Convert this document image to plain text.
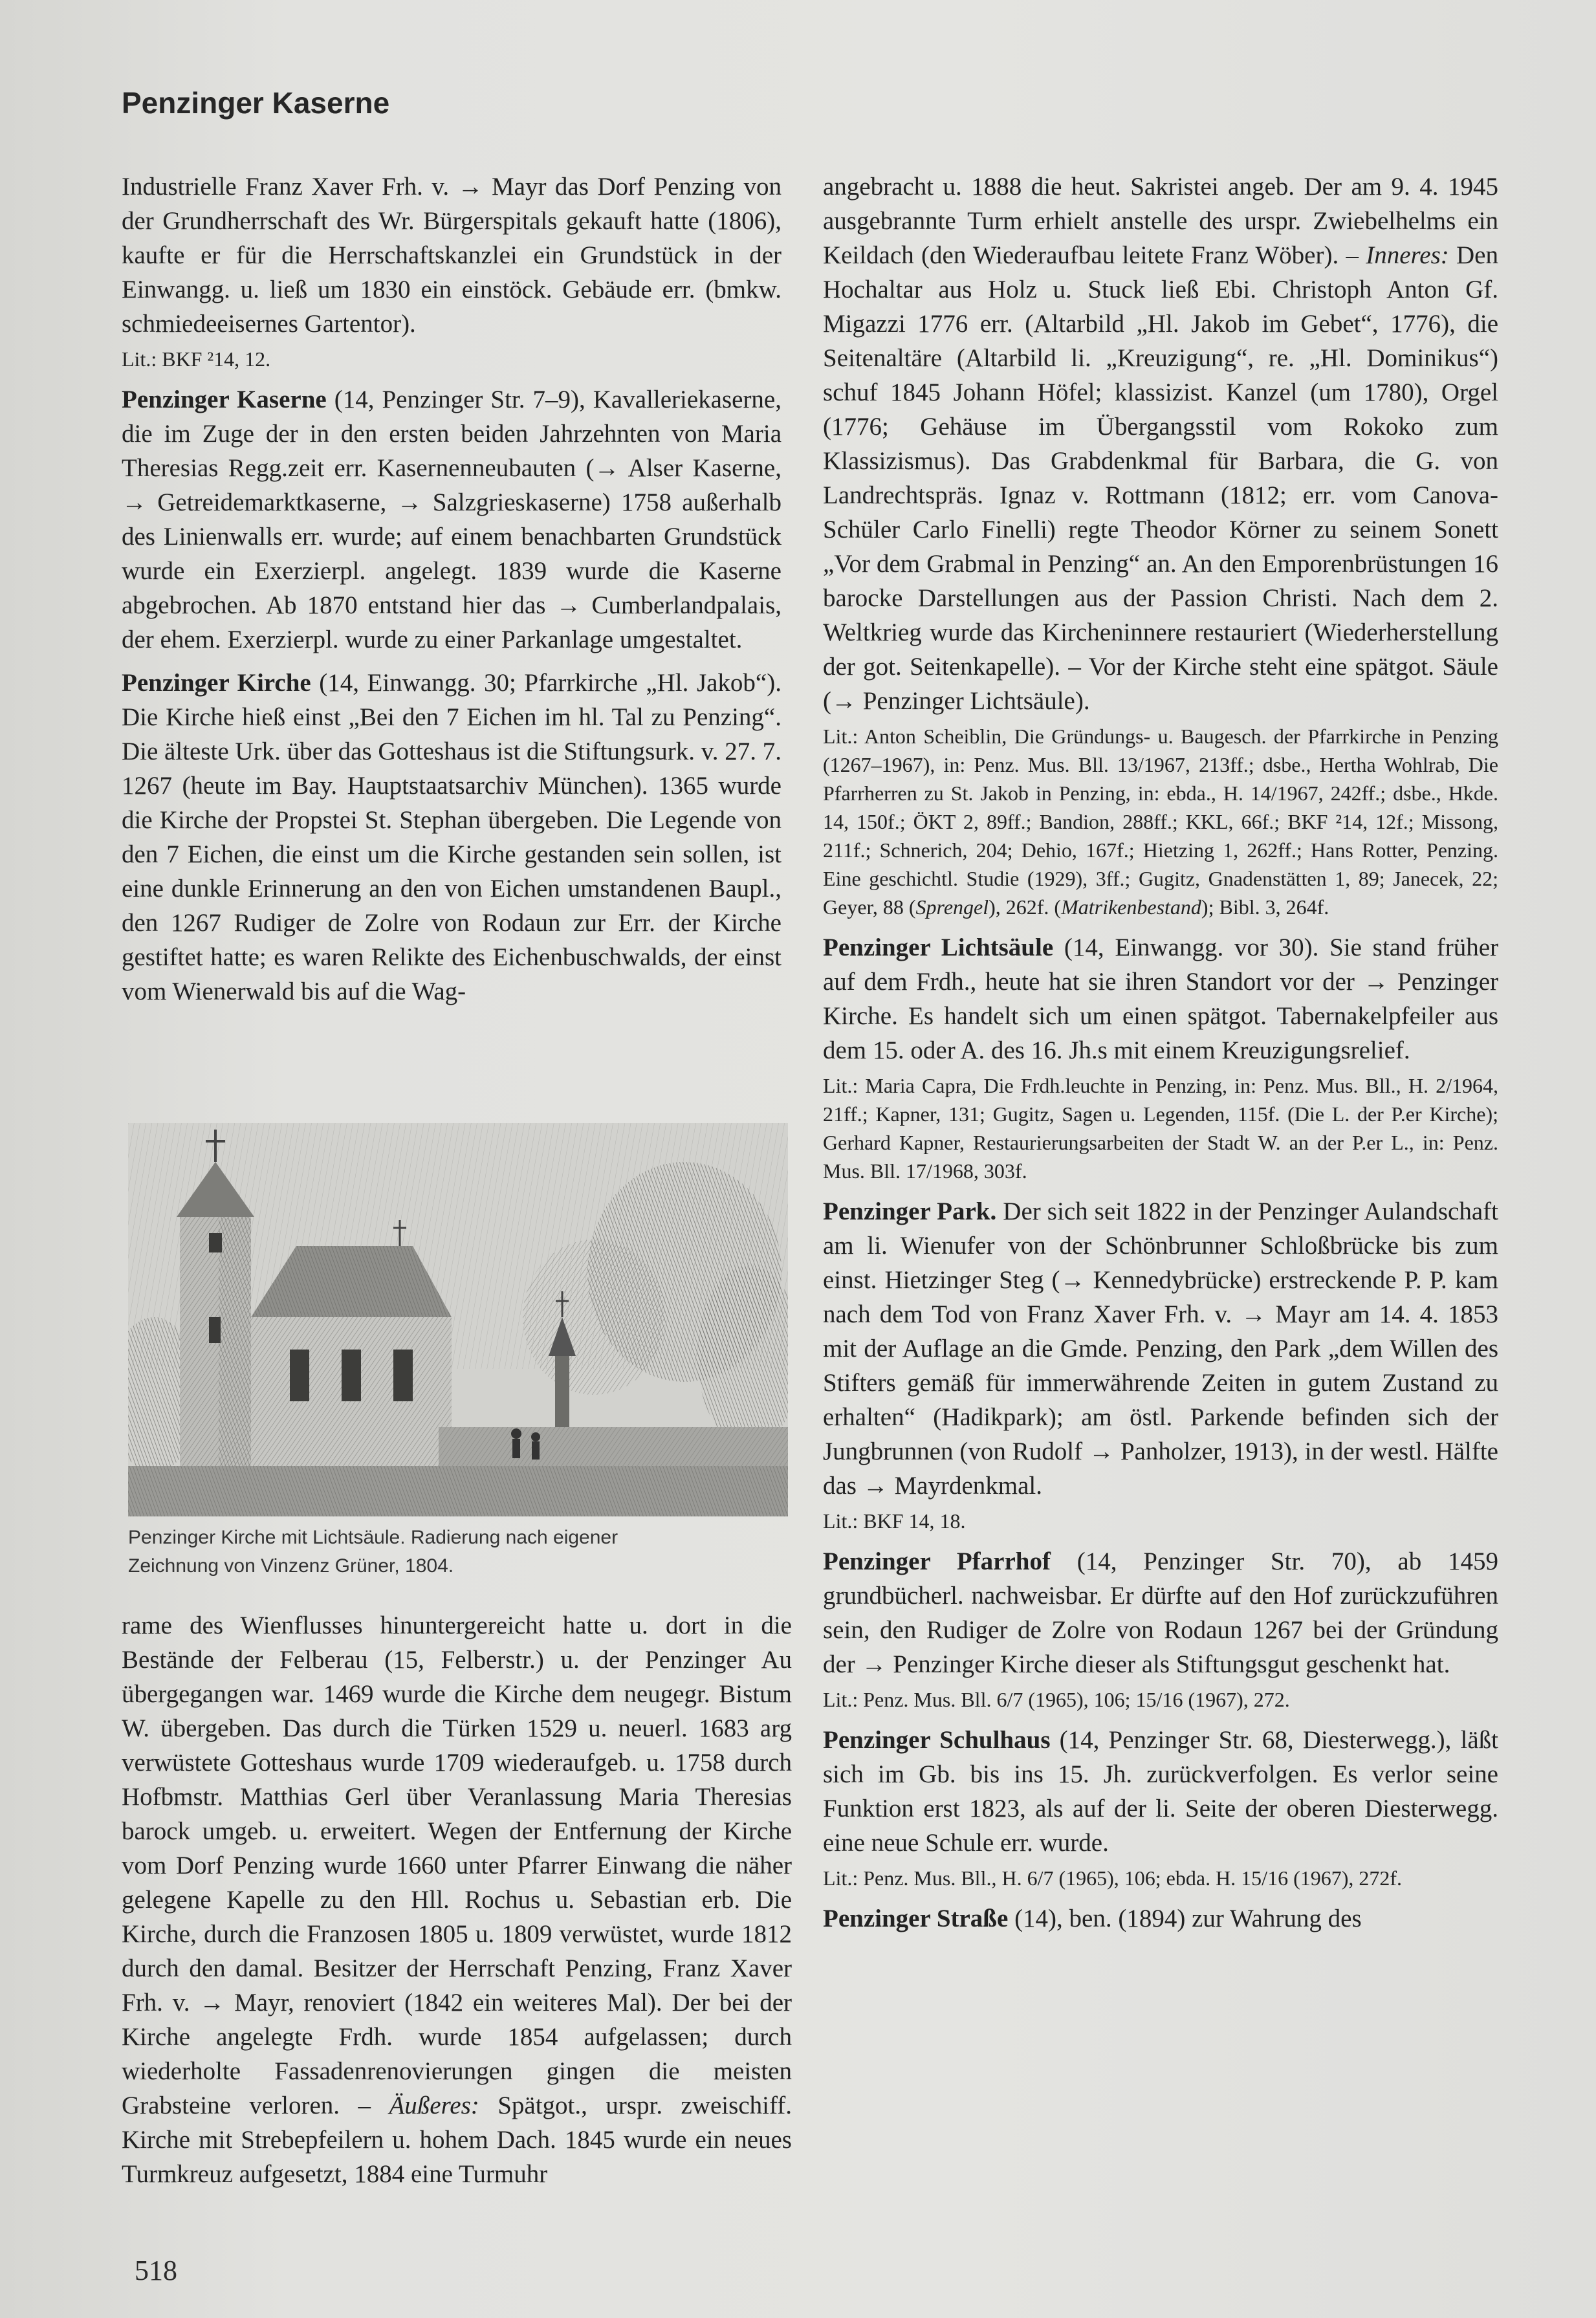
Penzinger Kaserne

Industrielle Franz Xaver Frh. v. → Mayr das Dorf Penzing von der Grundherrschaft des Wr. Bürgerspitals gekauft hatte (1806), kaufte er für die Herrschaftskanzlei ein Grundstück in der Einwangg. u. ließ um 1830 ein einstöck. Gebäude err. (bmkw. schmiedeeisernes Gartentor).

Lit.: BKF ²14, 12.

Penzinger Kaserne (14, Penzinger Str. 7–9), Kavalleriekaserne, die im Zuge der in den ersten beiden Jahrzehnten von Maria Theresias Regg.zeit err. Kasernenneubauten (→ Alser Kaserne, → Getreidemarktkaserne, → Salzgrieskaserne) 1758 außerhalb des Linienwalls err. wurde; auf einem benachbarten Grundstück wurde ein Exerzierpl. angelegt. 1839 wurde die Kaserne abgebrochen. Ab 1870 entstand hier das → Cumberlandpalais, der ehem. Exerzierpl. wurde zu einer Parkanlage umgestaltet.

Penzinger Kirche (14, Einwangg. 30; Pfarrkirche „Hl. Jakob“). Die Kirche hieß einst „Bei den 7 Eichen im hl. Tal zu Penzing“. Die älteste Urk. über das Gotteshaus ist die Stiftungsurk. v. 27. 7. 1267 (heute im Bay. Hauptstaatsarchiv München). 1365 wurde die Kirche der Propstei St. Stephan übergeben. Die Legende von den 7 Eichen, die einst um die Kirche gestanden sein sollen, ist eine dunkle Erinnerung an den von Eichen umstandenen Baupl., den 1267 Rudiger de Zolre von Rodaun zur Err. der Kirche gestiftet hatte; es waren Relikte des Eichenbuschwalds, der einst vom Wienerwald bis auf die Wag-

Penzinger Kirche mit Lichtsäule. Radierung nach eigener
Zeichnung von Vinzenz Grüner, 1804.

rame des Wienflusses hinuntergereicht hatte u. dort in die Bestände der Felberau (15, Felberstr.) u. der Penzinger Au übergegangen war. 1469 wurde die Kirche dem neugegr. Bistum W. übergeben. Das durch die Türken 1529 u. neuerl. 1683 arg verwüstete Gotteshaus wurde 1709 wiederaufgeb. u. 1758 durch Hofbmstr. Matthias Gerl über Veranlassung Maria Theresias barock umgeb. u. erweitert. Wegen der Entfernung der Kirche vom Dorf Penzing wurde 1660 unter Pfarrer Einwang die näher gelegene Kapelle zu den Hll. Rochus u. Sebastian erb. Die Kirche, durch die Franzosen 1805 u. 1809 verwüstet, wurde 1812 durch den damal. Besitzer der Herrschaft Penzing, Franz Xaver Frh. v. → Mayr, renoviert (1842 ein weiteres Mal). Der bei der Kirche angelegte Frdh. wurde 1854 aufgelassen; durch wiederholte Fassadenrenovierungen gingen die meisten Grabsteine verloren. – Äußeres: Spätgot., urspr. zweischiff. Kirche mit Strebepfeilern u. hohem Dach. 1845 wurde ein neues Turmkreuz aufgesetzt, 1884 eine Turmuhr

angebracht u. 1888 die heut. Sakristei angeb. Der am 9. 4. 1945 ausgebrannte Turm erhielt anstelle des urspr. Zwiebelhelms ein Keildach (den Wiederaufbau leitete Franz Wöber). – Inneres: Den Hochaltar aus Holz u. Stuck ließ Ebi. Christoph Anton Gf. Migazzi 1776 err. (Altarbild „Hl. Jakob im Gebet“, 1776), die Seitenaltäre (Altarbild li. „Kreuzigung“, re. „Hl. Dominikus“) schuf 1845 Johann Höfel; klassizist. Kanzel (um 1780), Orgel (1776; Gehäuse im Übergangsstil vom Rokoko zum Klassizismus). Das Grabdenkmal für Barbara, die G. von Landrechtspräs. Ignaz v. Rottmann (1812; err. vom Canova-Schüler Carlo Finelli) regte Theodor Körner zu seinem Sonett „Vor dem Grabmal in Penzing“ an. An den Emporenbrüstungen 16 barocke Darstellungen aus der Passion Christi. Nach dem 2. Weltkrieg wurde das Kircheninnere restauriert (Wiederherstellung der got. Seitenkapelle). – Vor der Kirche steht eine spätgot. Säule (→ Penzinger Lichtsäule).

Lit.: Anton Scheiblin, Die Gründungs- u. Baugesch. der Pfarrkirche in Penzing (1267–1967), in: Penz. Mus. Bll. 13/1967, 213ff.; dsbe., Hertha Wohlrab, Die Pfarrherren zu St. Jakob in Penzing, in: ebda., H. 14/1967, 242ff.; dsbe., Hkde. 14, 150f.; ÖKT 2, 89ff.; Bandion, 288ff.; KKL, 66f.; BKF ²14, 12f.; Missong, 211f.; Schnerich, 204; Dehio, 167f.; Hietzing 1, 262ff.; Hans Rotter, Penzing. Eine geschichtl. Studie (1929), 3ff.; Gugitz, Gnadenstätten 1, 89; Janecek, 22; Geyer, 88 (Sprengel), 262f. (Matrikenbestand); Bibl. 3, 264f.

Penzinger Lichtsäule (14, Einwangg. vor 30). Sie stand früher auf dem Frdh., heute hat sie ihren Standort vor der → Penzinger Kirche. Es handelt sich um einen spätgot. Tabernakelpfeiler aus dem 15. oder A. des 16. Jh.s mit einem Kreuzigungsrelief.

Lit.: Maria Capra, Die Frdh.leuchte in Penzing, in: Penz. Mus. Bll., H. 2/1964, 21ff.; Kapner, 131; Gugitz, Sagen u. Legenden, 115f. (Die L. der P.er Kirche); Gerhard Kapner, Restaurierungsarbeiten der Stadt W. an der P.er L., in: Penz. Mus. Bll. 17/1968, 303f.

Penzinger Park. Der sich seit 1822 in der Penzinger Aulandschaft am li. Wienufer von der Schönbrunner Schloßbrücke bis zum einst. Hietzinger Steg (→ Kennedybrücke) erstreckende P. P. kam nach dem Tod von Franz Xaver Frh. v. → Mayr am 14. 4. 1853 mit der Auflage an die Gmde. Penzing, den Park „dem Willen des Stifters gemäß für immerwährende Zeiten in gutem Zustand zu erhalten“ (Hadikpark); am östl. Parkende befinden sich der Jungbrunnen (von Rudolf → Panholzer, 1913), in der westl. Hälfte das → Mayrdenkmal.

Lit.: BKF 14, 18.

Penzinger Pfarrhof (14, Penzinger Str. 70), ab 1459 grundbücherl. nachweisbar. Er dürfte auf den Hof zurückzuführen sein, den Rudiger de Zolre von Rodaun 1267 bei der Gründung der → Penzinger Kirche dieser als Stiftungsgut geschenkt hat.

Lit.: Penz. Mus. Bll. 6/7 (1965), 106; 15/16 (1967), 272.

Penzinger Schulhaus (14, Penzinger Str. 68, Diesterwegg.), läßt sich im Gb. bis ins 15. Jh. zurückverfolgen. Es verlor seine Funktion erst 1823, als auf der li. Seite der oberen Diesterwegg. eine neue Schule err. wurde.

Lit.: Penz. Mus. Bll., H. 6/7 (1965), 106; ebda. H. 15/16 (1967), 272f.

Penzinger Straße (14), ben. (1894) zur Wahrung des

518
